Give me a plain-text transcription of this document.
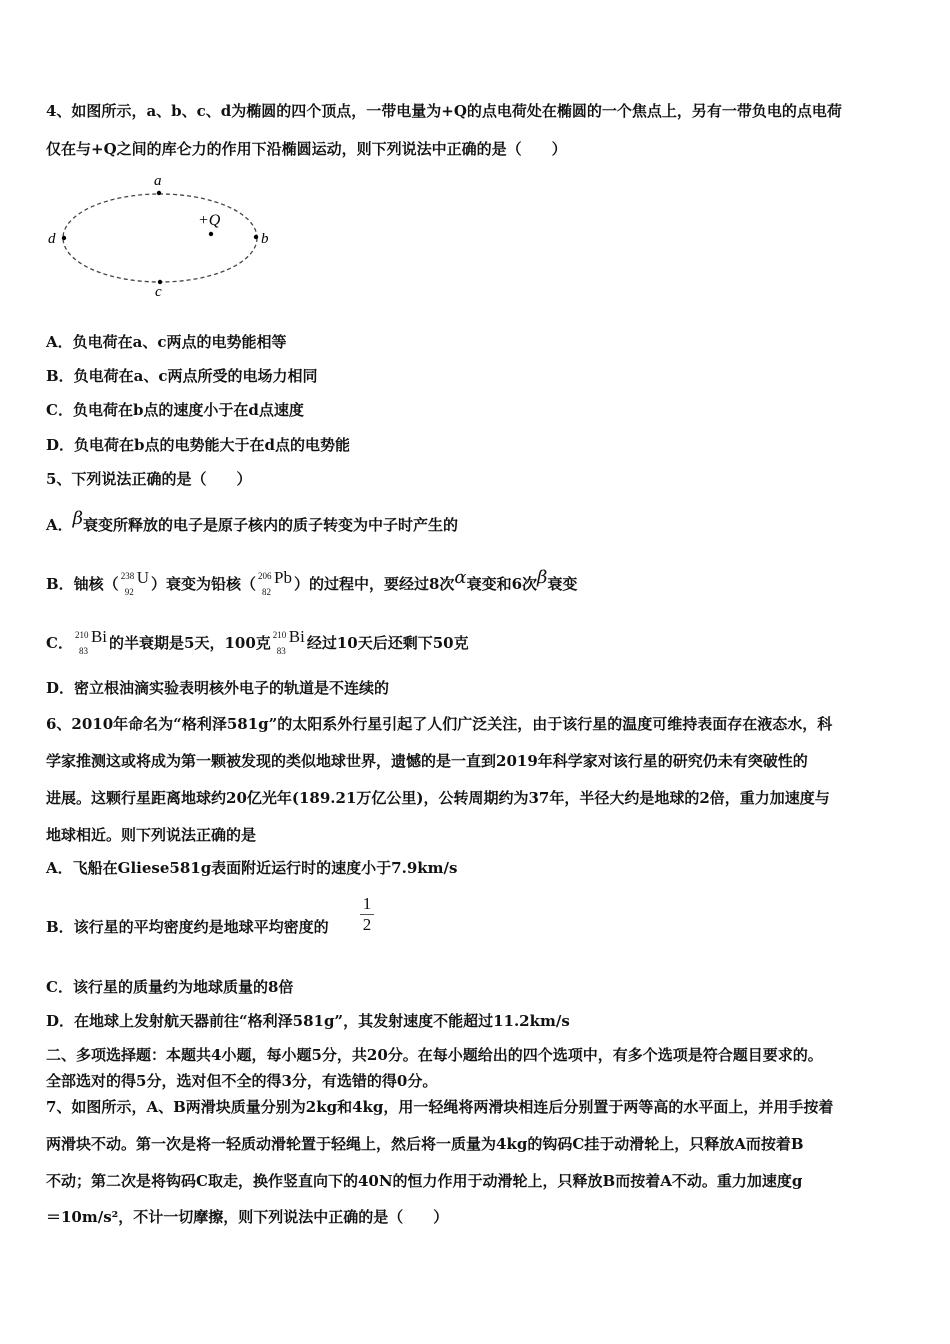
4、如图所示，a、b、c、d为椭圆的四个顶点，一带电量为+Q的点电荷处在椭圆的一个焦点上，另有一带负电的点电荷
仅在与+Q之间的库仑力的作用下沿椭圆运动，则下列说法中正确的是（　　）
a
b
c
d
+Q
A．负电荷在a、c两点的电势能相等
B．负电荷在a、c两点所受的电场力相同
C．负电荷在b点的速度小于在d点速度
D．负电荷在b点的电势能大于在d点的电势能
5、下列说法正确的是（　　）
A．β衰变所释放的电子是原子核内的质子转变为中子时产生的
B．铀核（ 238
92
U ）衰变为铅核（ 206
82
Pb ）的过程中，要经过8次α衰变和6次β衰变
C． 210
83
Bi 的半衰期是5天，100克 210
83
Bi 经过10天后还剩下50克
D．密立根油滴实验表明核外电子的轨道是不连续的
6、2010年命名为“格利泽581g”的太阳系外行星引起了人们广泛关注，由于该行星的温度可维持表面存在液态水，科
学家推测这或将成为第一颗被发现的类似地球世界，遗憾的是一直到2019年科学家对该行星的研究仍未有突破性的
进展。这颗行星距离地球约20亿光年(189.21万亿公里)，公转周期约为37年，半径大约是地球的2倍，重力加速度与
地球相近。则下列说法正确的是
A．飞船在Gliese581g表面附近运行时的速度小于7.9km/s
B．该行星的平均密度约是地球平均密度的 $\frac{1}{2}$
C．该行星的质量约为地球质量的8倍
D．在地球上发射航天器前往“格利泽581g”，其发射速度不能超过11.2km/s
二、多项选择题：本题共4小题，每小题5分，共20分。在每小题给出的四个选项中，有多个选项是符合题目要求的。
全部选对的得5分，选对但不全的得3分，有选错的得0分。
7、如图所示，A、B两滑块质量分别为2kg和4kg，用一轻绳将两滑块相连后分别置于两等高的水平面上，并用手按着
两滑块不动。第一次是将一轻质动滑轮置于轻绳上，然后将一质量为4kg的钩码C挂于动滑轮上，只释放A而按着B
不动；第二次是将钩码C取走，换作竖直向下的40N的恒力作用于动滑轮上，只释放B而按着A不动。重力加速度g
＝10m/s²，不计一切摩擦，则下列说法中正确的是（　　）
